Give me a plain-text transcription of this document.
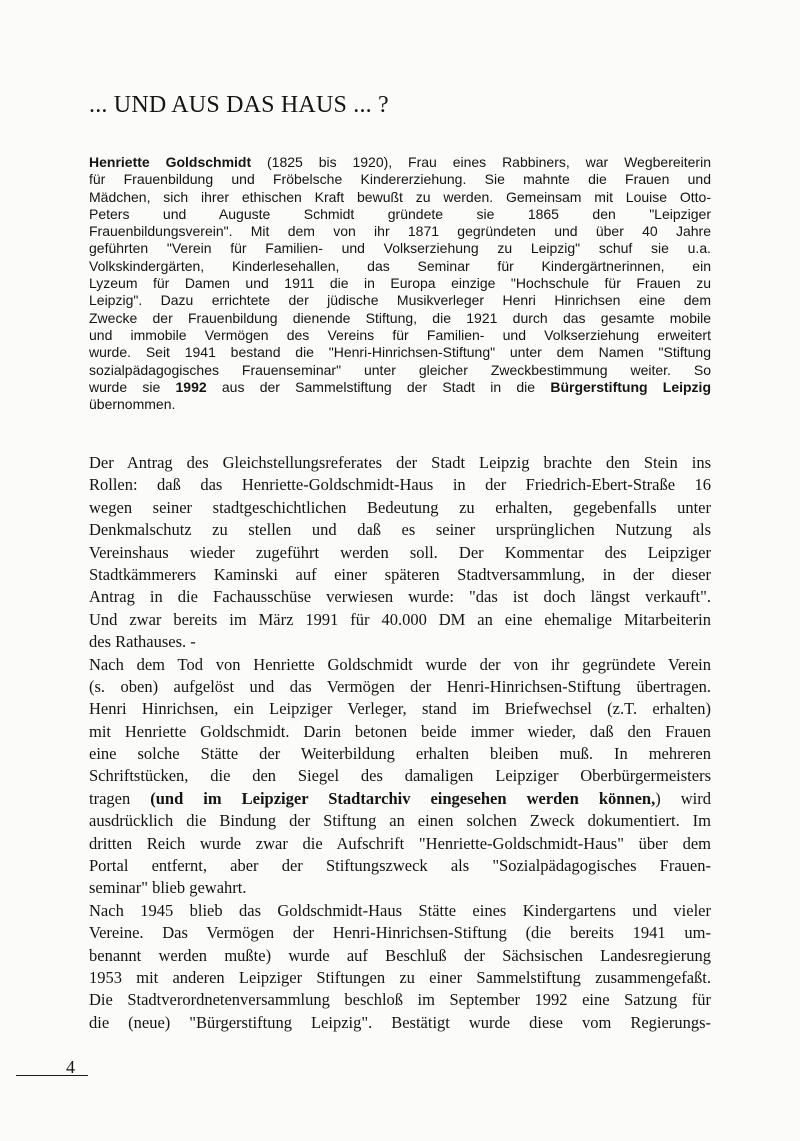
... UND AUS DAS HAUS ... ?
Henriette Goldschmidt (1825 bis 1920), Frau eines Rabbiners, war Wegbereiterin
für Frauenbildung und Fröbelsche Kindererziehung. Sie mahnte die Frauen und
Mädchen, sich ihrer ethischen Kraft bewußt zu werden. Gemeinsam mit Louise Otto-
Peters und Auguste Schmidt gründete sie 1865 den "Leipziger
Frauenbildungsverein". Mit dem von ihr 1871 gegründeten und über 40 Jahre
geführten "Verein für Familien- und Volkserziehung zu Leipzig" schuf sie u.a.
Volkskindergärten, Kinderlesehallen, das Seminar für Kindergärtnerinnen, ein
Lyzeum für Damen und 1911 die in Europa einzige "Hochschule für Frauen zu
Leipzig". Dazu errichtete der jüdische Musikverleger Henri Hinrichsen eine dem
Zwecke der Frauenbildung dienende Stiftung, die 1921 durch das gesamte mobile
und immobile Vermögen des Vereins für Familien- und Volkserziehung erweitert
wurde. Seit 1941 bestand die "Henri-Hinrichsen-Stiftung" unter dem Namen "Stiftung
sozialpädagogisches Frauenseminar" unter gleicher Zweckbestimmung weiter. So
wurde sie 1992 aus der Sammelstiftung der Stadt in die Bürgerstiftung Leipzig
übernommen.
Der Antrag des Gleichstellungsreferates der Stadt Leipzig brachte den Stein ins
Rollen: daß das Henriette-Goldschmidt-Haus in der Friedrich-Ebert-Straße 16
wegen seiner stadtgeschichtlichen Bedeutung zu erhalten, gegebenfalls unter
Denkmalschutz zu stellen und daß es seiner ursprünglichen Nutzung als
Vereinshaus wieder zugeführt werden soll. Der Kommentar des Leipziger
Stadtkämmerers Kaminski auf einer späteren Stadtversammlung, in der dieser
Antrag in die Fachausschüse verwiesen wurde: "das ist doch längst verkauft".
Und zwar bereits im März 1991 für 40.000 DM an eine ehemalige Mitarbeiterin
des Rathauses. -
Nach dem Tod von Henriette Goldschmidt wurde der von ihr gegründete Verein
(s. oben) aufgelöst und das Vermögen der Henri-Hinrichsen-Stiftung übertragen.
Henri Hinrichsen, ein Leipziger Verleger, stand im Briefwechsel (z.T. erhalten)
mit Henriette Goldschmidt. Darin betonen beide immer wieder, daß den Frauen
eine solche Stätte der Weiterbildung erhalten bleiben muß. In mehreren
Schriftstücken, die den Siegel des damaligen Leipziger Oberbürgermeisters
tragen (und im Leipziger Stadtarchiv eingesehen werden können,) wird
ausdrücklich die Bindung der Stiftung an einen solchen Zweck dokumentiert. Im
dritten Reich wurde zwar die Aufschrift "Henriette-Goldschmidt-Haus" über dem
Portal entfernt, aber der Stiftungszweck als "Sozialpädagogisches Frauen-
seminar" blieb gewahrt.
Nach 1945 blieb das Goldschmidt-Haus Stätte eines Kindergartens und vieler
Vereine. Das Vermögen der Henri-Hinrichsen-Stiftung (die bereits 1941 um-
benannt werden mußte) wurde auf Beschluß der Sächsischen Landesregierung
1953 mit anderen Leipziger Stiftungen zu einer Sammelstiftung zusammengefaßt.
Die Stadtverordnetenversammlung beschloß im September 1992 eine Satzung für
die (neue) "Bürgerstiftung Leipzig". Bestätigt wurde diese vom Regierungs-

4
